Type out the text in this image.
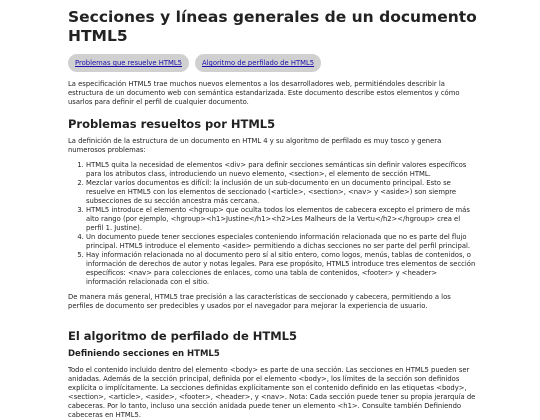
Secciones y líneas generales de un documento HTML5
Problemas que resuelve HTML5	Algoritmo de perfilado de HTML5

La especificación HTML5 trae muchos nuevos elementos a los desarrolladores web, permitiéndoles describir la estructura de un documento web con semántica estandarizada. Este documento describe estos elementos y cómo usarlos para definir el perfil de cualquier documento.

Problemas resueltos por HTML5

La definición de la estructura de un documento en HTML 4 y su algoritmo de perfilado es muy tosco y genera numerosos problemas:

1. HTML5 quita la necesidad de elementos <div> para definir secciones semánticas sin definir valores específicos para los atributos class, introduciendo un nuevo elemento, <section>, el elemento de sección HTML.
2. Mezclar varios documentos es difícil: la inclusión de un sub-documento en un documento principal. Esto se resuelve en HTML5 con los elementos de seccionado (<article>, <section>, <nav> y <aside>) son siempre subsecciones de su sección ancestra más cercana.
3. HTML5 introduce el elemento <hgroup> que oculta todos los elementos de cabecera excepto el primero de más alto rango (por ejemplo, <hgroup><h1>Justine</h1><h2>Les Malheurs de la Vertu</h2></hgroup> crea el perfil 1. Justine).
4. Un documento puede tener secciones especiales conteniendo información relacionada que no es parte del flujo principal. HTML5 introduce el elemento <aside> permitiendo a dichas secciones no ser parte del perfil principal.
5. Hay información relacionada no al documento pero sí al sitio entero, como logos, menús, tablas de contenidos, o información de derechos de autor y notas legales. Para ese propósito, HTML5 introduce tres elementos de sección específicos: <nav> para colecciones de enlaces, como una tabla de contenidos, <footer> y <header> información relacionada con el sitio.

De manera más general, HTML5 trae precisión a las características de seccionado y cabecera, permitiendo a los perfiles de documento ser predecibles y usados por el navegador para mejorar la experiencia de usuario.

El algoritmo de perfilado de HTML5
Definiendo secciones en HTML5

Todo el contenido incluido dentro del elemento <body> es parte de una sección. Las secciones en HTML5 pueden ser anidadas. Además de la sección principal, definida por el elemento <body>, los límites de la sección son definidos explícita o implícitamente. La secciones definidas explícitamente son el contenido definido en las etiquetas <body>, <section>, <article>, <aside>, <footer>, <header>, y <nav>. Nota: Cada sección puede tener su propia jerarquía de cabeceras. Por lo tanto, incluso una sección anidada puede tener un elemento <h1>. Consulte también Definiendo cabeceras en HTML5.
